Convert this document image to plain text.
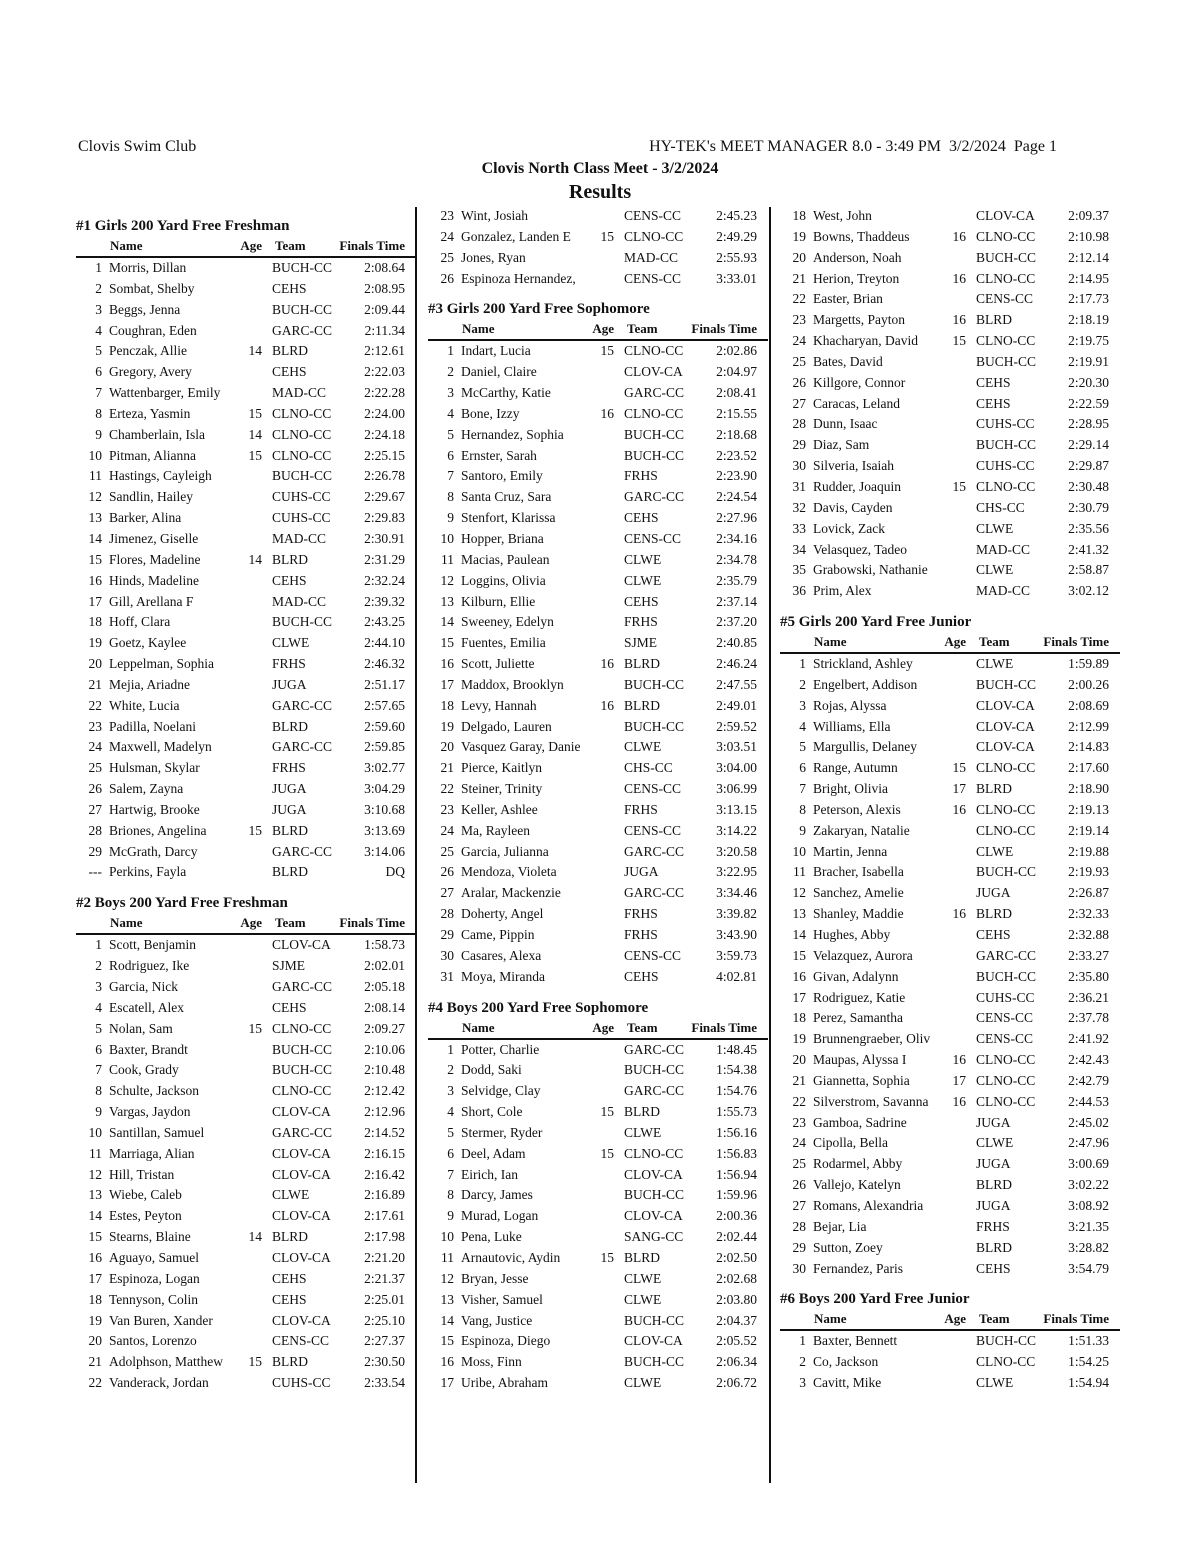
Clovis Swim Club	HY-TEK's MEET MANAGER 8.0 - 3:49 PM  3/2/2024  Page 1
Clovis North Class Meet - 3/2/2024
Results
#1 Girls 200 Yard Free Freshman
Name	Age Team	Finals Time
1 Morris, Dillan	BUCH-CC	2:08.64
2 Sombat, Shelby	CEHS	2:08.95
3 Beggs, Jenna	BUCH-CC	2:09.44
4 Coughran, Eden	GARC-CC	2:11.34
5 Penczak, Allie	14 BLRD	2:12.61
6 Gregory, Avery	CEHS	2:22.03
7 Wattenbarger, Emily	MAD-CC	2:22.28
8 Erteza, Yasmin	15 CLNO-CC	2:24.00
9 Chamberlain, Isla	14 CLNO-CC	2:24.18
10 Pitman, Alianna	15 CLNO-CC	2:25.15
11 Hastings, Cayleigh	BUCH-CC	2:26.78
12 Sandlin, Hailey	CUHS-CC	2:29.67
13 Barker, Alina	CUHS-CC	2:29.83
14 Jimenez, Giselle	MAD-CC	2:30.91
15 Flores, Madeline	14 BLRD	2:31.29
16 Hinds, Madeline	CEHS	2:32.24
17 Gill, Arellana F	MAD-CC	2:39.32
18 Hoff, Clara	BUCH-CC	2:43.25
19 Goetz, Kaylee	CLWE	2:44.10
20 Leppelman, Sophia	FRHS	2:46.32
21 Mejia, Ariadne	JUGA	2:51.17
22 White, Lucia	GARC-CC	2:57.65
23 Padilla, Noelani	BLRD	2:59.60
24 Maxwell, Madelyn	GARC-CC	2:59.85
25 Hulsman, Skylar	FRHS	3:02.77
26 Salem, Zayna	JUGA	3:04.29
27 Hartwig, Brooke	JUGA	3:10.68
28 Briones, Angelina	15 BLRD	3:13.69
29 McGrath, Darcy	GARC-CC	3:14.06
--- Perkins, Fayla	BLRD	DQ
#2 Boys 200 Yard Free Freshman
Name	Age Team	Finals Time
1 Scott, Benjamin	CLOV-CA	1:58.73
2 Rodriguez, Ike	SJME	2:02.01
3 Garcia, Nick	GARC-CC	2:05.18
4 Escatell, Alex	CEHS	2:08.14
5 Nolan, Sam	15 CLNO-CC	2:09.27
6 Baxter, Brandt	BUCH-CC	2:10.06
7 Cook, Grady	BUCH-CC	2:10.48
8 Schulte, Jackson	CLNO-CC	2:12.42
9 Vargas, Jaydon	CLOV-CA	2:12.96
10 Santillan, Samuel	GARC-CC	2:14.52
11 Marriaga, Alian	CLOV-CA	2:16.15
12 Hill, Tristan	CLOV-CA	2:16.42
13 Wiebe, Caleb	CLWE	2:16.89
14 Estes, Peyton	CLOV-CA	2:17.61
15 Stearns, Blaine	14 BLRD	2:17.98
16 Aguayo, Samuel	CLOV-CA	2:21.20
17 Espinoza, Logan	CEHS	2:21.37
18 Tennyson, Colin	CEHS	2:25.01
19 Van Buren, Xander	CLOV-CA	2:25.10
20 Santos, Lorenzo	CENS-CC	2:27.37
21 Adolphson, Matthew	15 BLRD	2:30.50
22 Vanderack, Jordan	CUHS-CC	2:33.54
23 Wint, Josiah	CENS-CC	2:45.23
24 Gonzalez, Landen E	15 CLNO-CC	2:49.29
25 Jones, Ryan	MAD-CC	2:55.93
26 Espinoza Hernandez,	CENS-CC	3:33.01
#3 Girls 200 Yard Free Sophomore
Name	Age Team	Finals Time
1 Indart, Lucia	15 CLNO-CC	2:02.86
2 Daniel, Claire	CLOV-CA	2:04.97
3 McCarthy, Katie	GARC-CC	2:08.41
4 Bone, Izzy	16 CLNO-CC	2:15.55
5 Hernandez, Sophia	BUCH-CC	2:18.68
6 Ernster, Sarah	BUCH-CC	2:23.52
7 Santoro, Emily	FRHS	2:23.90
8 Santa Cruz, Sara	GARC-CC	2:24.54
9 Stenfort, Klarissa	CEHS	2:27.96
10 Hopper, Briana	CENS-CC	2:34.16
11 Macias, Paulean	CLWE	2:34.78
12 Loggins, Olivia	CLWE	2:35.79
13 Kilburn, Ellie	CEHS	2:37.14
14 Sweeney, Edelyn	FRHS	2:37.20
15 Fuentes, Emilia	SJME	2:40.85
16 Scott, Juliette	16 BLRD	2:46.24
17 Maddox, Brooklyn	BUCH-CC	2:47.55
18 Levy, Hannah	16 BLRD	2:49.01
19 Delgado, Lauren	BUCH-CC	2:59.52
20 Vasquez Garay, Danie	CLWE	3:03.51
21 Pierce, Kaitlyn	CHS-CC	3:04.00
22 Steiner, Trinity	CENS-CC	3:06.99
23 Keller, Ashlee	FRHS	3:13.15
24 Ma, Rayleen	CENS-CC	3:14.22
25 Garcia, Julianna	GARC-CC	3:20.58
26 Mendoza, Violeta	JUGA	3:22.95
27 Aralar, Mackenzie	GARC-CC	3:34.46
28 Doherty, Angel	FRHS	3:39.82
29 Came, Pippin	FRHS	3:43.90
30 Casares, Alexa	CENS-CC	3:59.73
31 Moya, Miranda	CEHS	4:02.81
#4 Boys 200 Yard Free Sophomore
Name	Age Team	Finals Time
1 Potter, Charlie	GARC-CC	1:48.45
2 Dodd, Saki	BUCH-CC	1:54.38
3 Selvidge, Clay	GARC-CC	1:54.76
4 Short, Cole	15 BLRD	1:55.73
5 Stermer, Ryder	CLWE	1:56.16
6 Deel, Adam	15 CLNO-CC	1:56.83
7 Eirich, Ian	CLOV-CA	1:56.94
8 Darcy, James	BUCH-CC	1:59.96
9 Murad, Logan	CLOV-CA	2:00.36
10 Pena, Luke	SANG-CC	2:02.44
11 Arnautovic, Aydin	15 BLRD	2:02.50
12 Bryan, Jesse	CLWE	2:02.68
13 Visher, Samuel	CLWE	2:03.80
14 Vang, Justice	BUCH-CC	2:04.37
15 Espinoza, Diego	CLOV-CA	2:05.52
16 Moss, Finn	BUCH-CC	2:06.34
17 Uribe, Abraham	CLWE	2:06.72
18 West, John	CLOV-CA	2:09.37
19 Bowns, Thaddeus	16 CLNO-CC	2:10.98
20 Anderson, Noah	BUCH-CC	2:12.14
21 Herion, Treyton	16 CLNO-CC	2:14.95
22 Easter, Brian	CENS-CC	2:17.73
23 Margetts, Payton	16 BLRD	2:18.19
24 Khacharyan, David	15 CLNO-CC	2:19.75
25 Bates, David	BUCH-CC	2:19.91
26 Killgore, Connor	CEHS	2:20.30
27 Caracas, Leland	CEHS	2:22.59
28 Dunn, Isaac	CUHS-CC	2:28.95
29 Diaz, Sam	BUCH-CC	2:29.14
30 Silveria, Isaiah	CUHS-CC	2:29.87
31 Rudder, Joaquin	15 CLNO-CC	2:30.48
32 Davis, Cayden	CHS-CC	2:30.79
33 Lovick, Zack	CLWE	2:35.56
34 Velasquez, Tadeo	MAD-CC	2:41.32
35 Grabowski, Nathanie	CLWE	2:58.87
36 Prim, Alex	MAD-CC	3:02.12
#5 Girls 200 Yard Free Junior
Name	Age Team	Finals Time
1 Strickland, Ashley	CLWE	1:59.89
2 Engelbert, Addison	BUCH-CC	2:00.26
3 Rojas, Alyssa	CLOV-CA	2:08.69
4 Williams, Ella	CLOV-CA	2:12.99
5 Margullis, Delaney	CLOV-CA	2:14.83
6 Range, Autumn	15 CLNO-CC	2:17.60
7 Bright, Olivia	17 BLRD	2:18.90
8 Peterson, Alexis	16 CLNO-CC	2:19.13
9 Zakaryan, Natalie	CLNO-CC	2:19.14
10 Martin, Jenna	CLWE	2:19.88
11 Bracher, Isabella	BUCH-CC	2:19.93
12 Sanchez, Amelie	JUGA	2:26.87
13 Shanley, Maddie	16 BLRD	2:32.33
14 Hughes, Abby	CEHS	2:32.88
15 Velazquez, Aurora	GARC-CC	2:33.27
16 Givan, Adalynn	BUCH-CC	2:35.80
17 Rodriguez, Katie	CUHS-CC	2:36.21
18 Perez, Samantha	CENS-CC	2:37.78
19 Brunnengraeber, Oliv	CENS-CC	2:41.92
20 Maupas, Alyssa I	16 CLNO-CC	2:42.43
21 Giannetta, Sophia	17 CLNO-CC	2:42.79
22 Silverstrom, Savanna	16 CLNO-CC	2:44.53
23 Gamboa, Sadrine	JUGA	2:45.02
24 Cipolla, Bella	CLWE	2:47.96
25 Rodarmel, Abby	JUGA	3:00.69
26 Vallejo, Katelyn	BLRD	3:02.22
27 Romans, Alexandria	JUGA	3:08.92
28 Bejar, Lia	FRHS	3:21.35
29 Sutton, Zoey	BLRD	3:28.82
30 Fernandez, Paris	CEHS	3:54.79
#6 Boys 200 Yard Free Junior
Name	Age Team	Finals Time
1 Baxter, Bennett	BUCH-CC	1:51.33
2 Co, Jackson	CLNO-CC	1:54.25
3 Cavitt, Mike	CLWE	1:54.94
